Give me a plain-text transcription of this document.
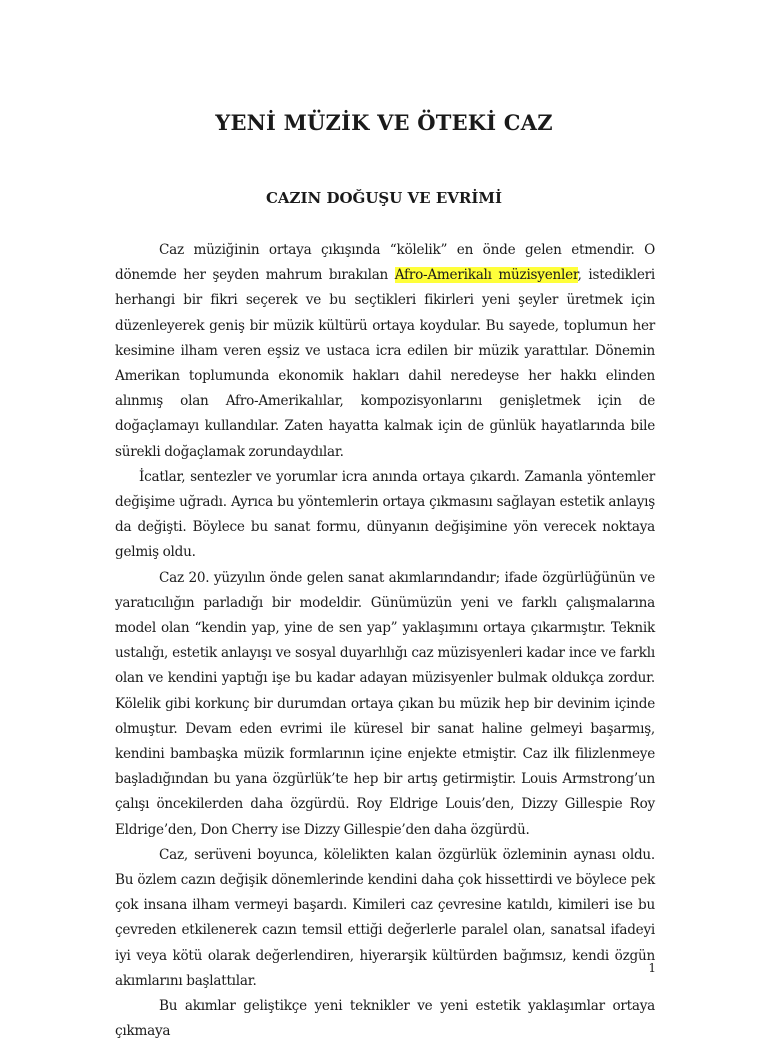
YENİ MÜZİK VE ÖTEKİ CAZ
CAZIN DOĞUŞU VE EVRİMİ

Caz müziğinin ortaya çıkışında “kölelik” en önde gelen etmendir. O dönemde her şeyden mahrum bırakılan Afro-Amerikalı müzisyenler, istedikleri herhangi bir fikri seçerek ve bu seçtikleri fikirleri yeni şeyler üretmek için düzenleyerek geniş bir müzik kültürü ortaya koydular. Bu sayede, toplumun her kesimine ilham veren eşsiz ve ustaca icra edilen bir müzik yarattılar. Dönemin Amerikan toplumunda ekonomik hakları dahil neredeyse her hakkı elinden alınmış olan Afro-Amerikalılar, kompozisyonlarını genişletmek için de doğaçlamayı kullandılar. Zaten hayatta kalmak için de günlük hayatlarında bile sürekli doğaçlamak zorundaydılar.

İcatlar, sentezler ve yorumlar icra anında ortaya çıkardı. Zamanla yöntemler değişime uğradı. Ayrıca bu yöntemlerin ortaya çıkmasını sağlayan estetik anlayış da değişti. Böylece bu sanat formu, dünyanın değişimine yön verecek noktaya gelmiş oldu.

Caz 20. yüzyılın önde gelen sanat akımlarındandır; ifade özgürlüğünün ve yaratıcılığın parladığı bir modeldir. Günümüzün yeni ve farklı çalışmalarına model olan “kendin yap, yine de sen yap” yaklaşımını ortaya çıkarmıştır. Teknik ustalığı, estetik anlayışı ve sosyal duyarlılığı caz müzisyenleri kadar ince ve farklı olan ve kendini yaptığı işe bu kadar adayan müzisyenler bulmak oldukça zordur. Kölelik gibi korkunç bir durumdan ortaya çıkan bu müzik hep bir devinim içinde olmuştur. Devam eden evrimi ile küresel bir sanat haline gelmeyi başarmış, kendini bambaşka müzik formlarının içine enjekte etmiştir. Caz ilk filizlenmeye başladığından bu yana özgürlük’te hep bir artış getirmiştir. Louis Armstrong’un çalışı öncekilerden daha özgürdü. Roy Eldrige Louis’den, Dizzy Gillespie Roy Eldrige’den, Don Cherry ise Dizzy Gillespie’den daha özgürdü.

Caz, serüveni boyunca, kölelikten kalan özgürlük özleminin aynası oldu. Bu özlem cazın değişik dönemlerinde kendini daha çok hissettirdi ve böylece pek çok insana ilham vermeyi başardı. Kimileri caz çevresine katıldı, kimileri ise bu çevreden etkilenerek cazın temsil ettiği değerlerle paralel olan, sanatsal ifadeyi iyi veya kötü olarak değerlendiren, hiyerarşik kültürden bağımsız, kendi özgün akımlarını başlattılar.

Bu akımlar geliştikçe yeni teknikler ve yeni estetik yaklaşımlar ortaya çıkmaya

1
